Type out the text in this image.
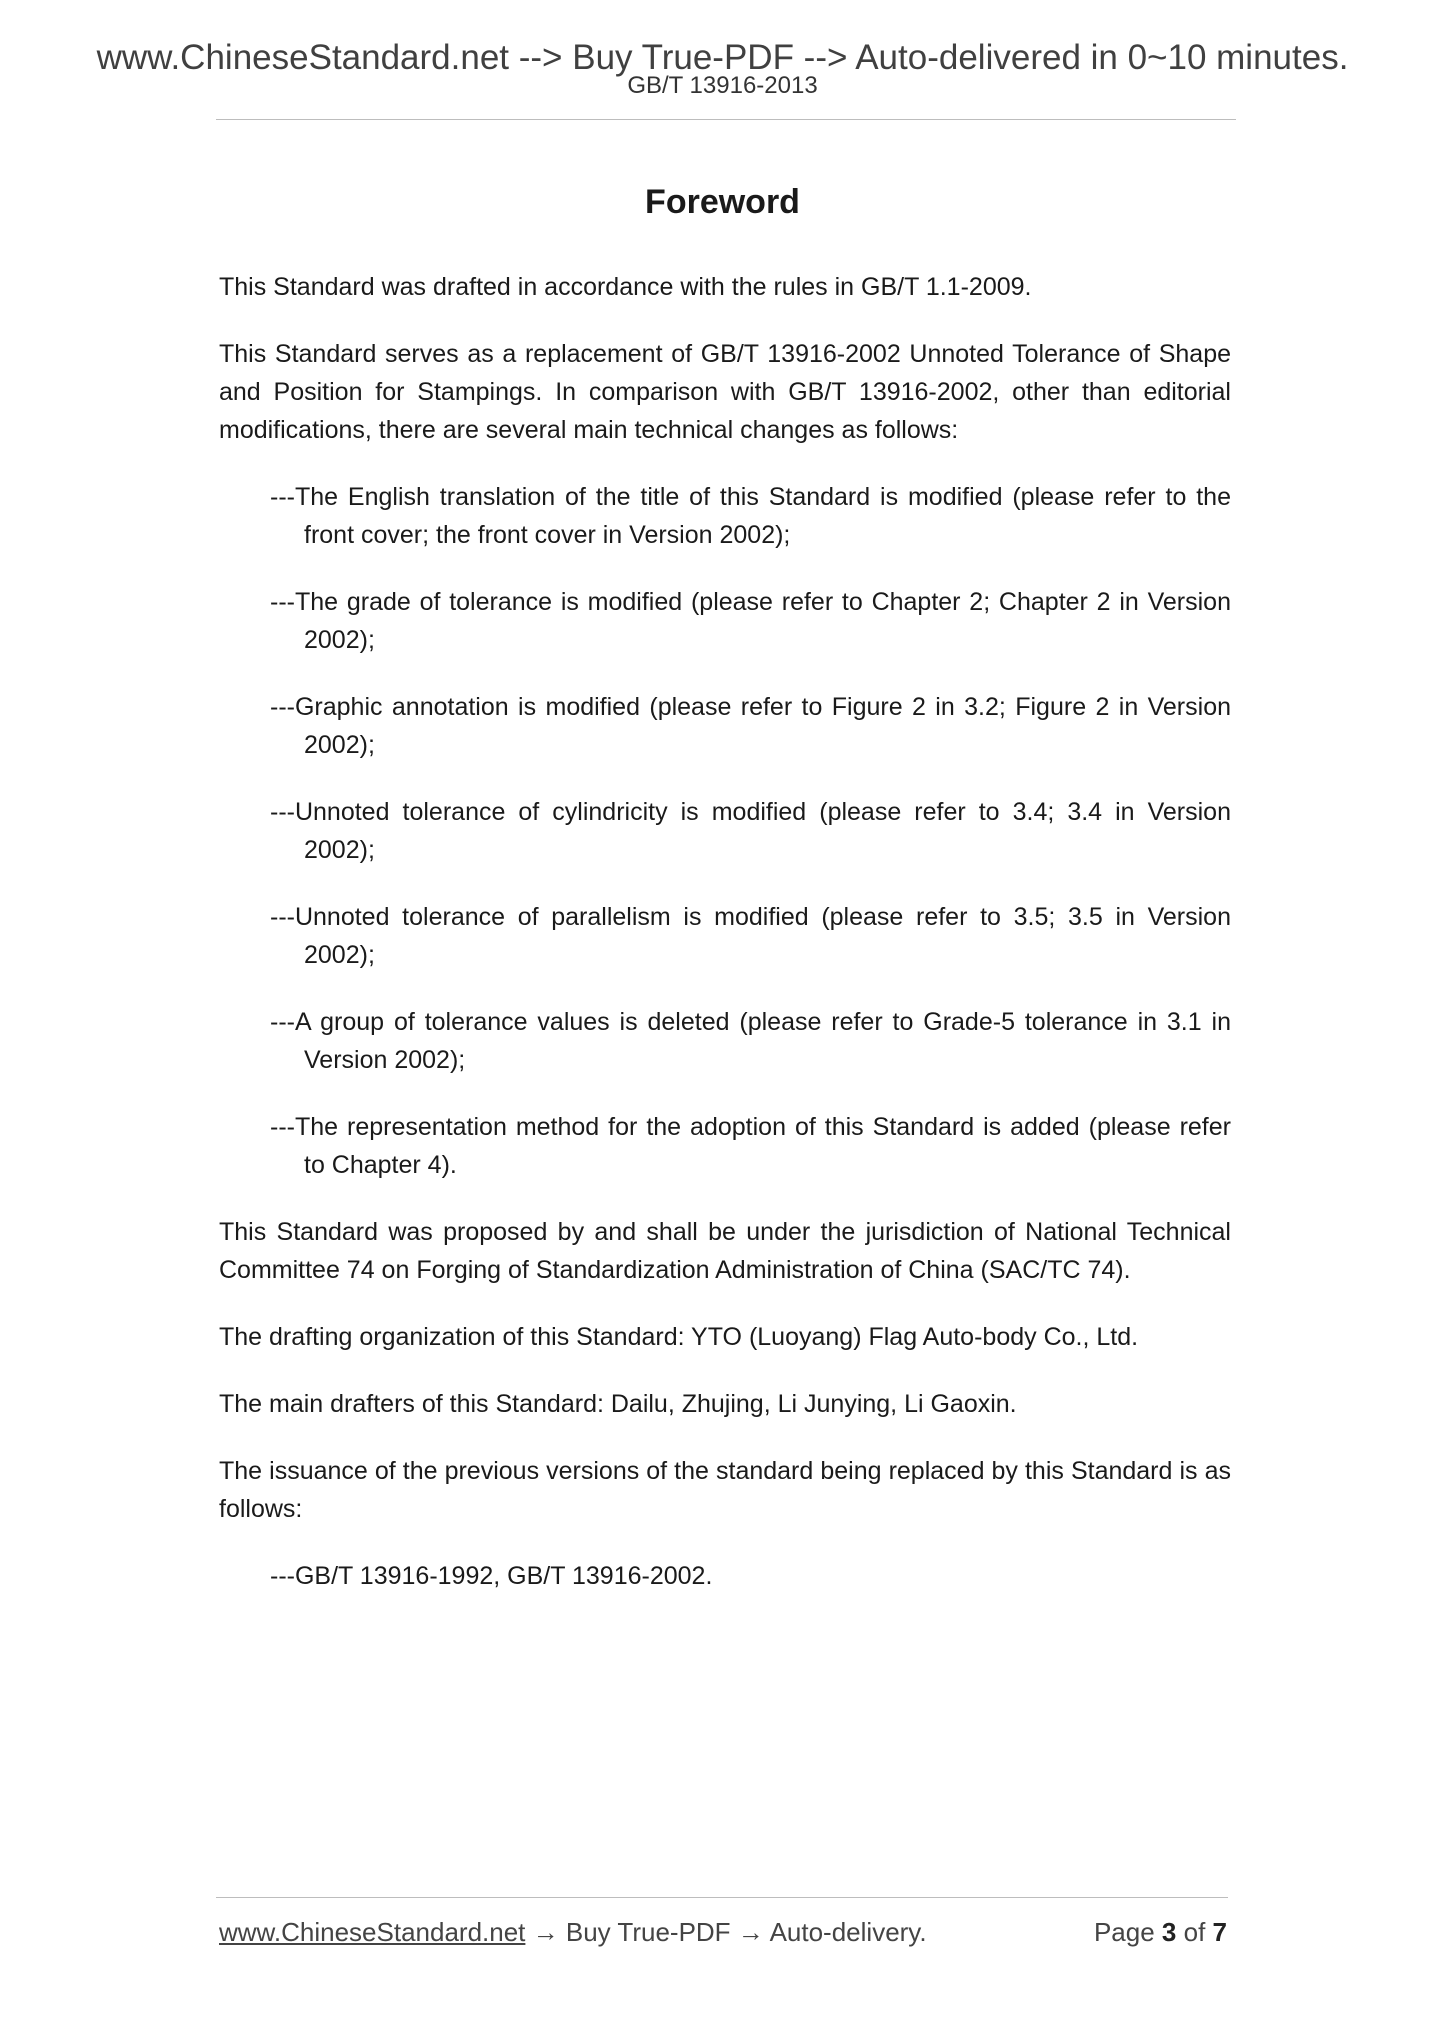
www.ChineseStandard.net --> Buy True-PDF --> Auto-delivered in 0~10 minutes.
GB/T 13916-2013
Foreword

This Standard was drafted in accordance with the rules in GB/T 1.1-2009.

This Standard serves as a replacement of GB/T 13916-2002 Unnoted Tolerance of Shape and Position for Stampings. In comparison with GB/T 13916-2002, other than editorial modifications, there are several main technical changes as follows:

---The English translation of the title of this Standard is modified (please refer to the front cover; the front cover in Version 2002);

---The grade of tolerance is modified (please refer to Chapter 2; Chapter 2 in Version 2002);

---Graphic annotation is modified (please refer to Figure 2 in 3.2; Figure 2 in Version 2002);

---Unnoted tolerance of cylindricity is modified (please refer to 3.4; 3.4 in Version 2002);

---Unnoted tolerance of parallelism is modified (please refer to 3.5; 3.5 in Version 2002);

---A group of tolerance values is deleted (please refer to Grade-5 tolerance in 3.1 in Version 2002);

---The representation method for the adoption of this Standard is added (please refer to Chapter 4).

This Standard was proposed by and shall be under the jurisdiction of National Technical Committee 74 on Forging of Standardization Administration of China (SAC/TC 74).

The drafting organization of this Standard: YTO (Luoyang) Flag Auto-body Co., Ltd.

The main drafters of this Standard: Dailu, Zhujing, Li Junying, Li Gaoxin.

The issuance of the previous versions of the standard being replaced by this Standard is as follows:

---GB/T 13916-1992, GB/T 13916-2002.

www.ChineseStandard.net → Buy True-PDF → Auto-delivery.	Page 3 of 7
